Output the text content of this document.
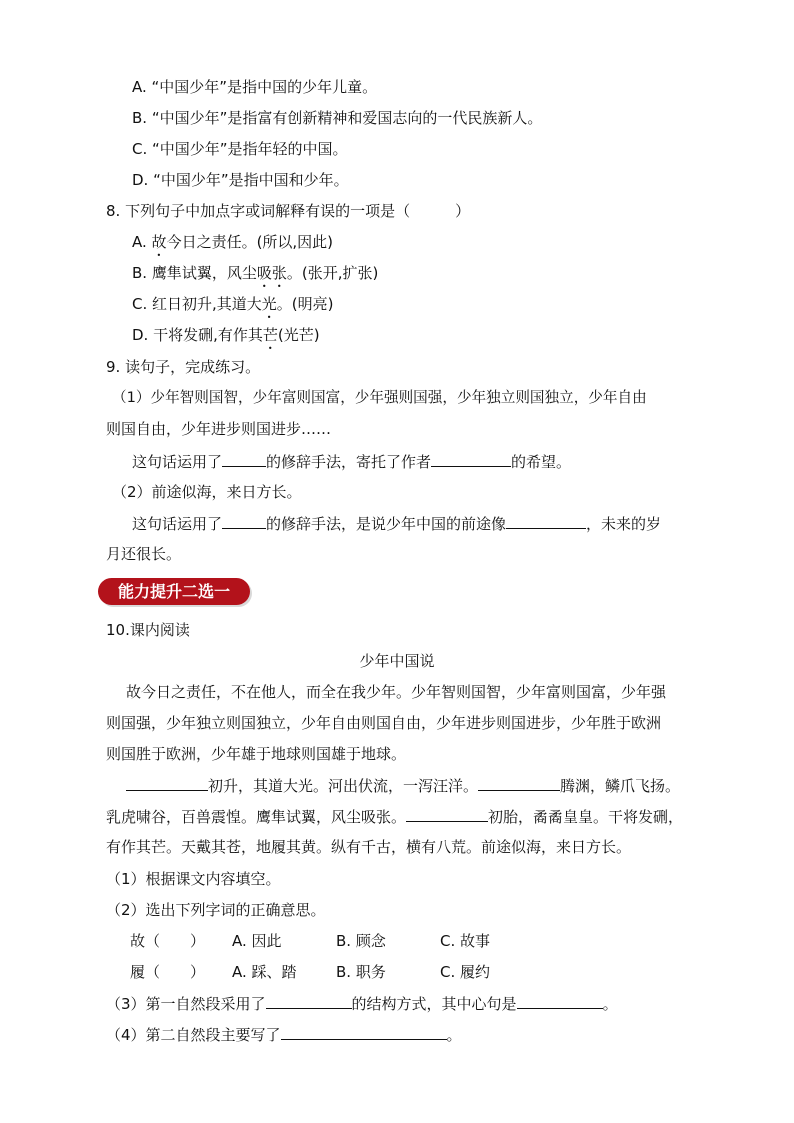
A. “中国少年”是指中国的少年儿童。
B. “中国少年”是指富有创新精神和爱国志向的一代民族新人。
C. “中国少年”是指年轻的中国。
D. “中国少年”是指中国和少年。
8. 下列句子中加点字或词解释有误的一项是（　　　）
A. 故今日之责任。(所以,因此)
B. 鹰隼试翼，风尘吸张。(张开,扩张)
C. 红日初升,其道大光。(明亮)
D. 干将发硎,有作其芒(光芒)
9. 读句子，完成练习。
（1）少年智则国智，少年富则国富，少年强则国强，少年独立则国独立，少年自由
则国自由，少年进步则国进步……
这句话运用了	的修辞手法，寄托了作者	的希望。
（2）前途似海，来日方长。
这句话运用了	的修辞手法，是说少年中国的前途像	，未来的岁
月还很长。
能力提升二选一
10.课内阅读
少年中国说
故今日之责任，不在他人，而全在我少年。少年智则国智，少年富则国富，少年强
则国强，少年独立则国独立，少年自由则国自由，少年进步则国进步，少年胜于欧洲
则国胜于欧洲，少年雄于地球则国雄于地球。
初升，其道大光。河出伏流，一泻汪洋。	腾渊，鳞爪飞扬。
乳虎啸谷，百兽震惶。鹰隼试翼，风尘吸张。	初胎，矞矞皇皇。干将发硎，
有作其芒。天戴其苍，地履其黄。纵有千古，横有八荒。前途似海，来日方长。
（1）根据课文内容填空。
（2）选出下列字词的正确意思。
故（　　） A. 因此	B. 顾念	C. 故事
履（　　） A. 踩、踏	B. 职务	C. 履约
（3）第一自然段采用了	的结构方式，其中心句是	。
（4）第二自然段主要写了	。
